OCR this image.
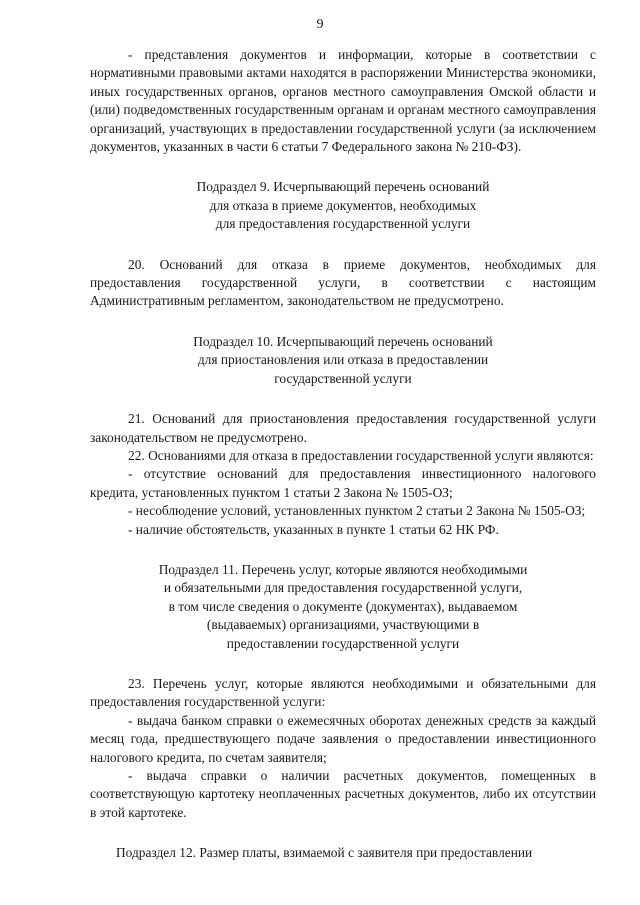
9

- представления документов и информации, которые в соответствии с нормативными правовыми актами находятся в распоряжении Министерства экономики, иных государственных органов, органов местного самоуправления Омской области и (или) подведомственных государственным органам и органам местного самоуправления организаций, участвующих в предоставлении государственной услуги (за исключением документов, указанных в части 6 статьи 7 Федерального закона № 210-ФЗ).

Подраздел 9. Исчерпывающий перечень оснований
для отказа в приеме документов, необходимых
для предоставления государственной услуги

20. Оснований для отказа в приеме документов, необходимых для предоставления государственной услуги, в соответствии с настоящим Административным регламентом, законодательством не предусмотрено.

Подраздел 10. Исчерпывающий перечень оснований
для приостановления или отказа в предоставлении
государственной услуги

21. Оснований для приостановления предоставления государственной услуги законодательством не предусмотрено.

22. Основаниями для отказа в предоставлении государственной услуги являются:

- отсутствие оснований для предоставления инвестиционного налогового кредита, установленных пунктом 1 статьи 2 Закона № 1505-ОЗ;

- несоблюдение условий, установленных пунктом 2 статьи 2 Закона № 1505-ОЗ;

- наличие обстоятельств, указанных в пункте 1 статьи 62 НК РФ.

Подраздел 11. Перечень услуг, которые являются необходимыми
и обязательными для предоставления государственной услуги,
в том числе сведения о документе (документах), выдаваемом
(выдаваемых) организациями, участвующими в
предоставлении государственной услуги

23. Перечень услуг, которые являются необходимыми и обязательными для предоставления государственной услуги:

- выдача банком справки о ежемесячных оборотах денежных средств за каждый месяц года, предшествующего подаче заявления о предоставлении инвестиционного налогового кредита, по счетам заявителя;

- выдача справки о наличии расчетных документов, помещенных в соответствующую картотеку неоплаченных расчетных документов, либо их отсутствии в этой картотеке.

Подраздел 12. Размер платы, взимаемой с заявителя при предоставлении
